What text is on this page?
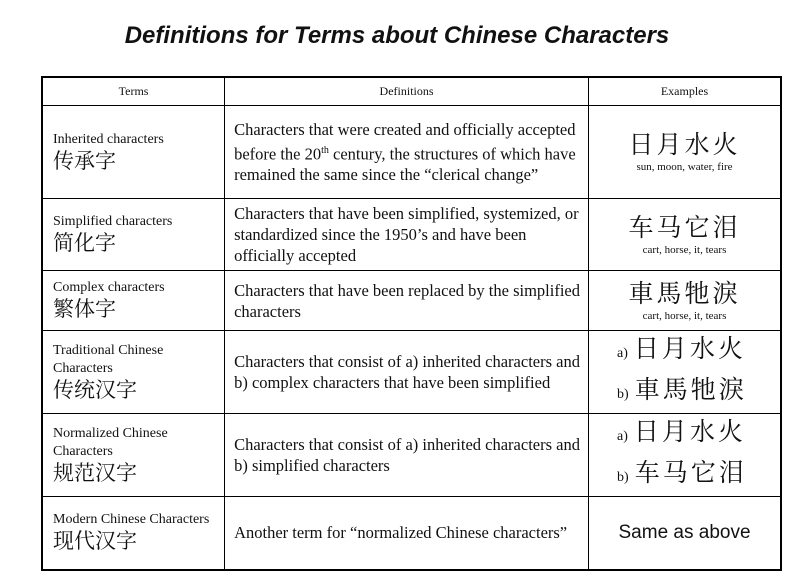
Definitions for Terms about Chinese Characters
Terms	Definitions	Examples

Inherited characters
传承字	Characters that were created and officially accepted before the 20th century, the structures of which have remained the same since the “clerical change”	日月水火
sun, moon, water, fire

Simplified characters
简化字	Characters that have been simplified, systemized, or standardized since the 1950’s and have been officially accepted	车马它泪
cart, horse, it, tears

Complex characters
繁体字	Characters that have been replaced by the simplified characters	車馬牠淚
cart, horse, it, tears

Traditional Chinese Characters
传统汉字	Characters that consist of a) inherited characters and b) complex characters that have been simplified	a) 日月水火
b) 車馬牠淚

Normalized Chinese Characters
规范汉字	Characters that consist of a) inherited characters and b) simplified characters	a) 日月水火
b) 车马它泪

Modern Chinese Characters
现代汉字	Another term for “normalized Chinese characters”	Same as above
